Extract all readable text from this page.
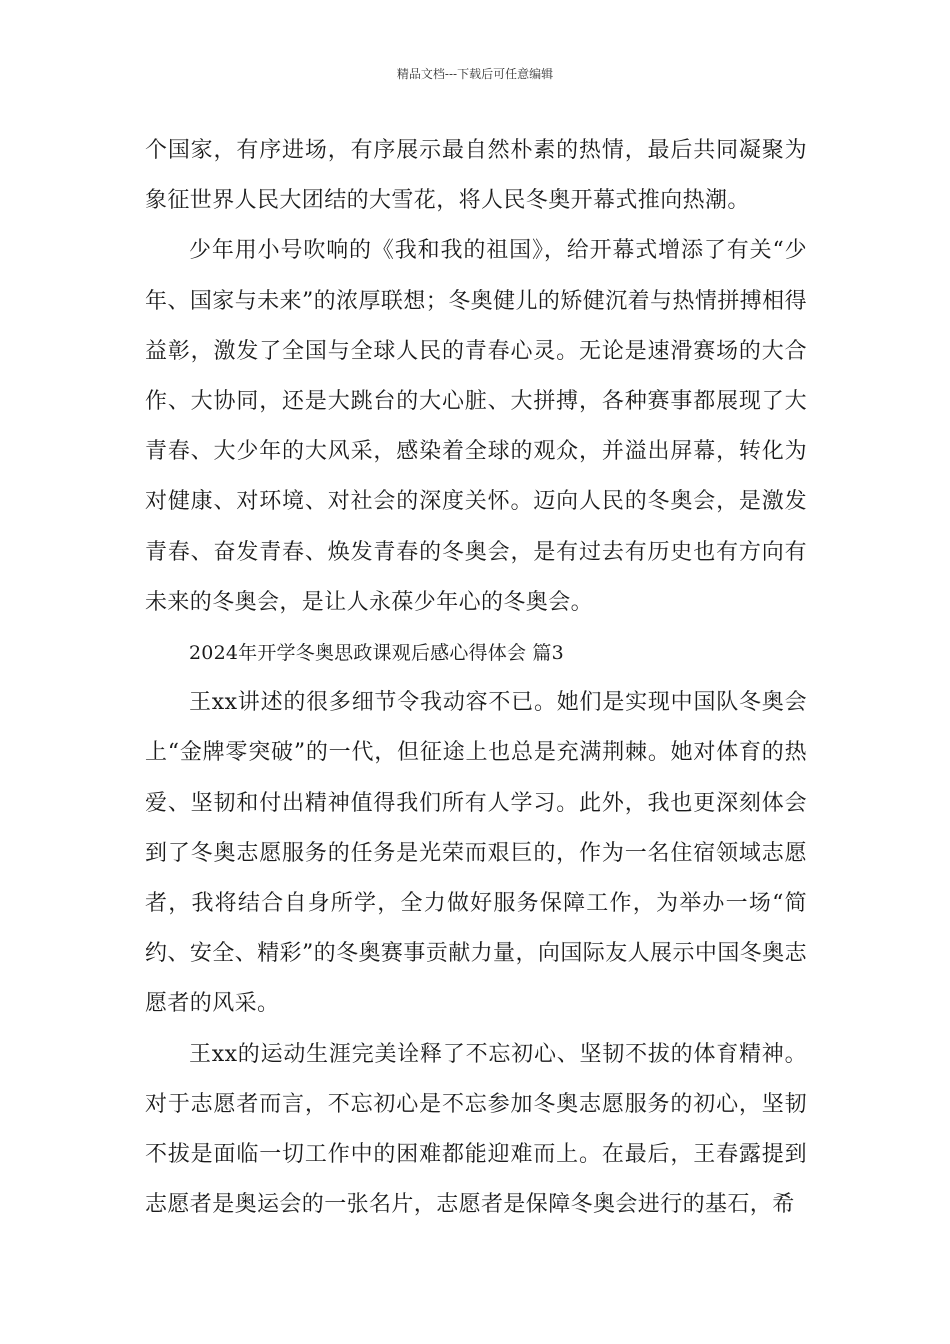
精品文档---下载后可任意编辑

个国家，有序进场，有序展示最自然朴素的热情，最后共同凝聚为象征世界人民大团结的大雪花，将人民冬奥开幕式推向热潮。

少年用小号吹响的《我和我的祖国》，给开幕式增添了有关“少年、国家与未来”的浓厚联想；冬奥健儿的矫健沉着与热情拼搏相得益彰，激发了全国与全球人民的青春心灵。无论是速滑赛场的大合作、大协同，还是大跳台的大心脏、大拼搏，各种赛事都展现了大青春、大少年的大风采，感染着全球的观众，并溢出屏幕，转化为对健康、对环境、对社会的深度关怀。迈向人民的冬奥会，是激发青春、奋发青春、焕发青春的冬奥会，是有过去有历史也有方向有未来的冬奥会，是让人永葆少年心的冬奥会。

2024年开学冬奥思政课观后感心得体会 篇3

王xx讲述的很多细节令我动容不已。她们是实现中国队冬奥会上“金牌零突破”的一代，但征途上也总是充满荆棘。她对体育的热爱、坚韧和付出精神值得我们所有人学习。此外，我也更深刻体会到了冬奥志愿服务的任务是光荣而艰巨的，作为一名住宿领域志愿者，我将结合自身所学，全力做好服务保障工作，为举办一场“简约、安全、精彩”的冬奥赛事贡献力量，向国际友人展示中国冬奥志愿者的风采。

王xx的运动生涯完美诠释了不忘初心、坚韧不拔的体育精神。对于志愿者而言，不忘初心是不忘参加冬奥志愿服务的初心，坚韧不拔是面临一切工作中的困难都能迎难而上。在最后，王春露提到志愿者是奥运会的一张名片，志愿者是保障冬奥会进行的基石，希
